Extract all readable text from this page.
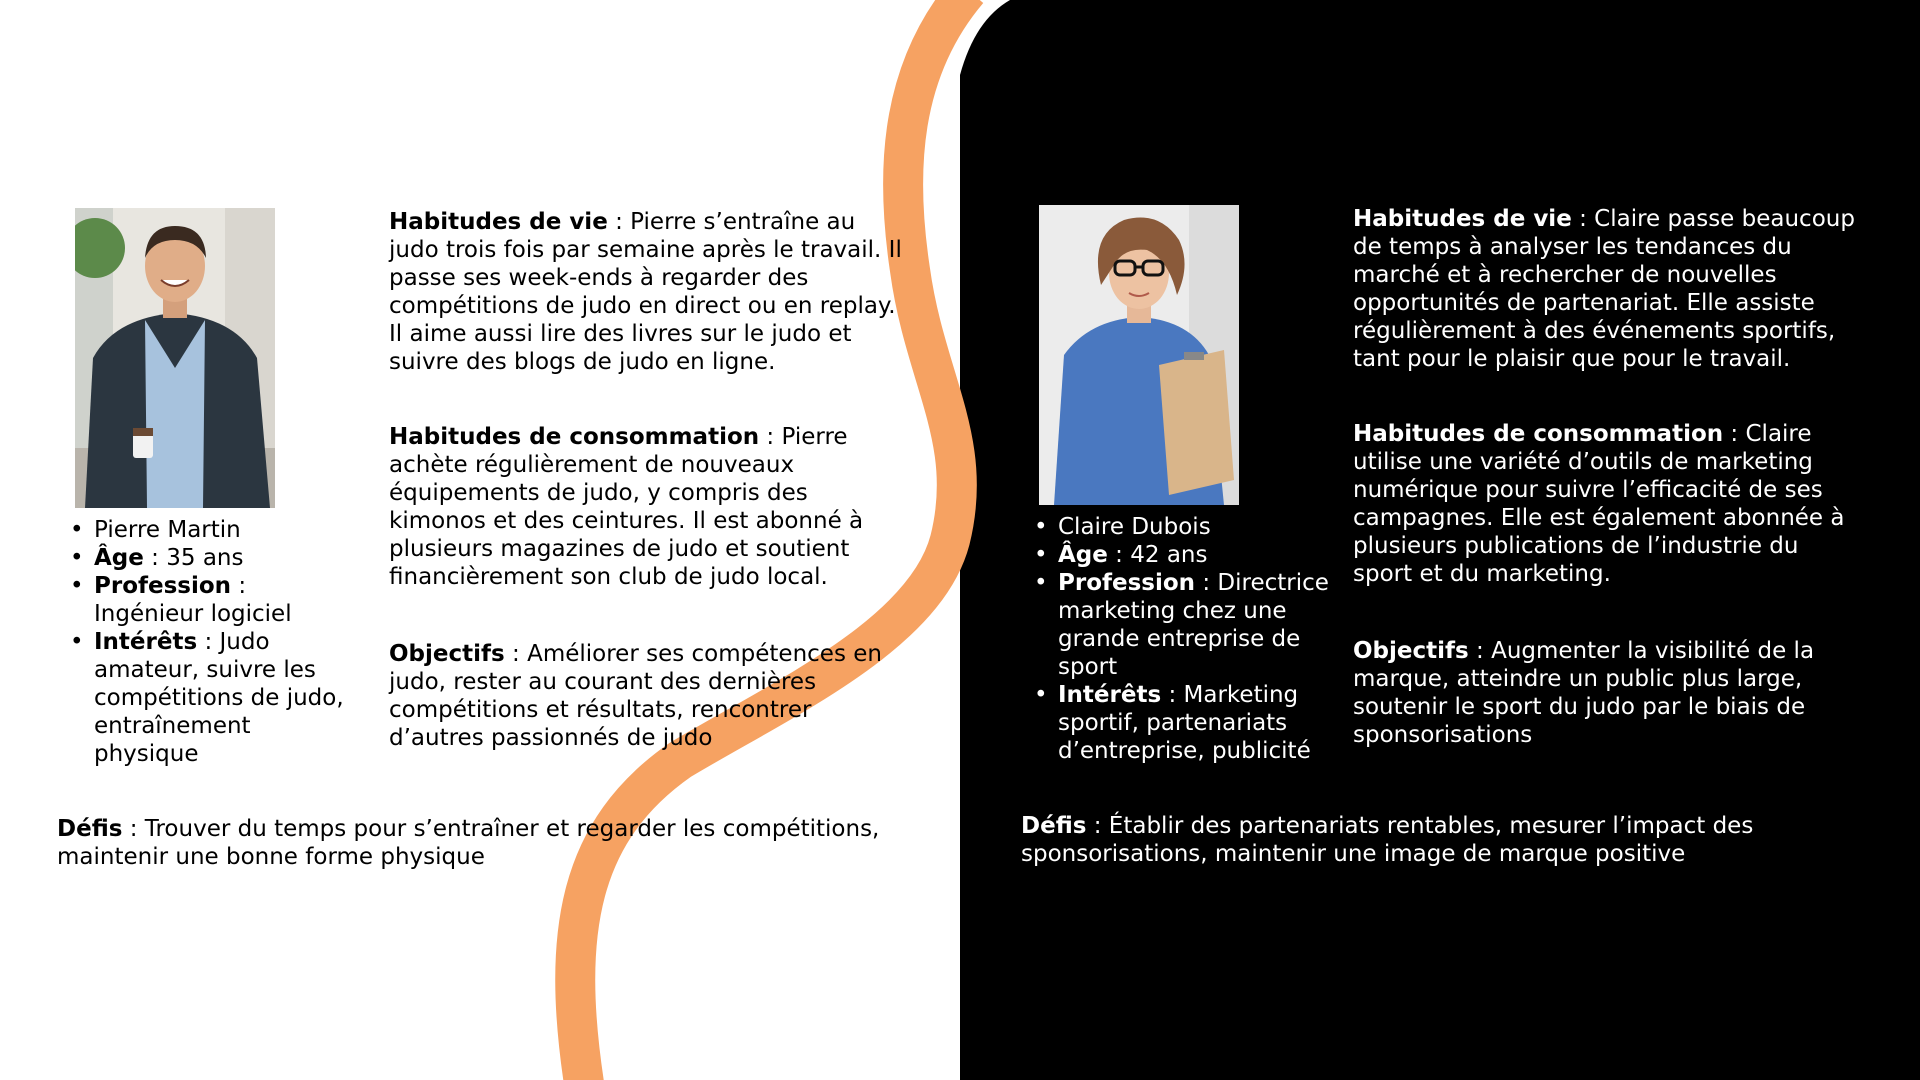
• Pierre Martin
• Âge : 35 ans
• Profession : Ingénieur logiciel
• Intérêts : Judo amateur, suivre les compétitions de judo, entraînement physique

Habitudes de vie : Pierre s’entraîne au judo trois fois par semaine après le travail. Il passe ses week-ends à regarder des compétitions de judo en direct ou en replay. Il aime aussi lire des livres sur le judo et suivre des blogs de judo en ligne.

Habitudes de consommation : Pierre achète régulièrement de nouveaux équipements de judo, y compris des kimonos et des ceintures. Il est abonné à plusieurs magazines de judo et soutient financièrement son club de judo local.

Objectifs : Améliorer ses compétences en judo, rester au courant des dernières compétitions et résultats, rencontrer d’autres passionnés de judo

Défis : Trouver du temps pour s’entraîner et regarder les compétitions, maintenir une bonne forme physique

• Claire Dubois
• Âge : 42 ans
• Profession : Directrice marketing chez une grande entreprise de sport
• Intérêts : Marketing sportif, partenariats d’entreprise, publicité

Habitudes de vie : Claire passe beaucoup de temps à analyser les tendances du marché et à rechercher de nouvelles opportunités de partenariat. Elle assiste régulièrement à des événements sportifs, tant pour le plaisir que pour le travail.

Habitudes de consommation : Claire utilise une variété d’outils de marketing numérique pour suivre l’efficacité de ses campagnes. Elle est également abonnée à plusieurs publications de l’industrie du sport et du marketing.

Objectifs : Augmenter la visibilité de la marque, atteindre un public plus large, soutenir le sport du judo par le biais de sponsorisations

Défis : Établir des partenariats rentables, mesurer l’impact des sponsorisations, maintenir une image de marque positive
